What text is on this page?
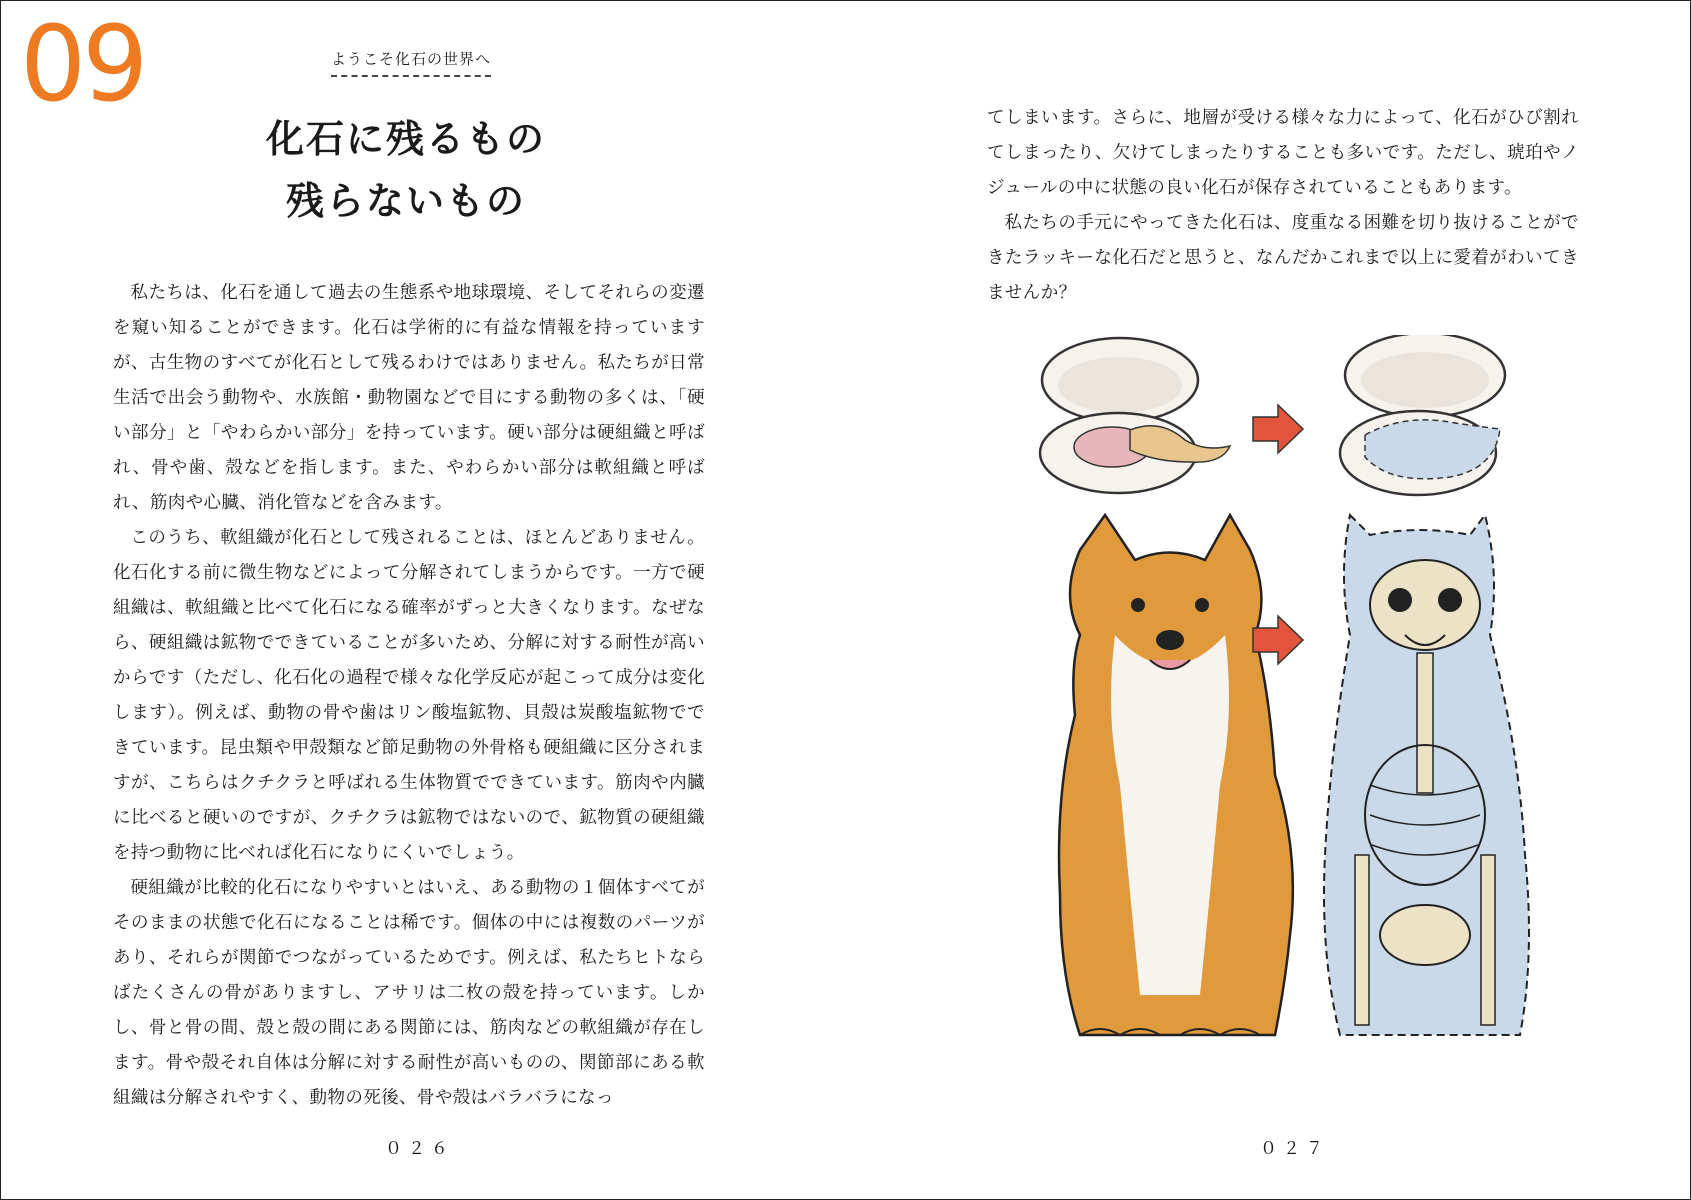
09	ようこそ化石の世界へ
化石に残るもの
残らないもの

私たちは、化石を通して過去の生態系や地球環境、そしてそれらの変遷を窺い知ることができます。化石は学術的に有益な情報を持っていますが、古生物のすべてが化石として残るわけではありません。私たちが日常生活で出会う動物や、水族館・動物園などで目にする動物の多くは、「硬い部分」と「やわらかい部分」を持っています。硬い部分は硬組織と呼ばれ、骨や歯、殻などを指します。また、やわらかい部分は軟組織と呼ばれ、筋肉や心臓、消化管などを含みます。

このうち、軟組織が化石として残されることは、ほとんどありません。化石化する前に微生物などによって分解されてしまうからです。一方で硬組織は、軟組織と比べて化石になる確率がずっと大きくなります。なぜなら、硬組織は鉱物でできていることが多いため、分解に対する耐性が高いからです（ただし、化石化の過程で様々な化学反応が起こって成分は変化します）。例えば、動物の骨や歯はリン酸塩鉱物、貝殻は炭酸塩鉱物でできています。昆虫類や甲殻類など節足動物の外骨格も硬組織に区分されますが、こちらはクチクラと呼ばれる生体物質でできています。筋肉や内臓に比べると硬いのですが、クチクラは鉱物ではないので、鉱物質の硬組織を持つ動物に比べれば化石になりにくいでしょう。

硬組織が比較的化石になりやすいとはいえ、ある動物の１個体すべてがそのままの状態で化石になることは稀です。個体の中には複数のパーツがあり、それらが関節でつながっているためです。例えば、私たちヒトならばたくさんの骨がありますし、アサリは二枚の殻を持っています。しかし、骨と骨の間、殻と殻の間にある関節には、筋肉などの軟組織が存在します。骨や殻それ自体は分解に対する耐性が高いものの、関節部にある軟組織は分解されやすく、動物の死後、骨や殻はバラバラになっ

０２６

てしまいます。さらに、地層が受ける様々な力によって、化石がひび割れてしまったり、欠けてしまったりすることも多いです。ただし、琥珀やノジュールの中に状態の良い化石が保存されていることもあります。

私たちの手元にやってきた化石は、度重なる困難を切り抜けることができたラッキーな化石だと思うと、なんだかこれまで以上に愛着がわいてきませんか？

０２７
